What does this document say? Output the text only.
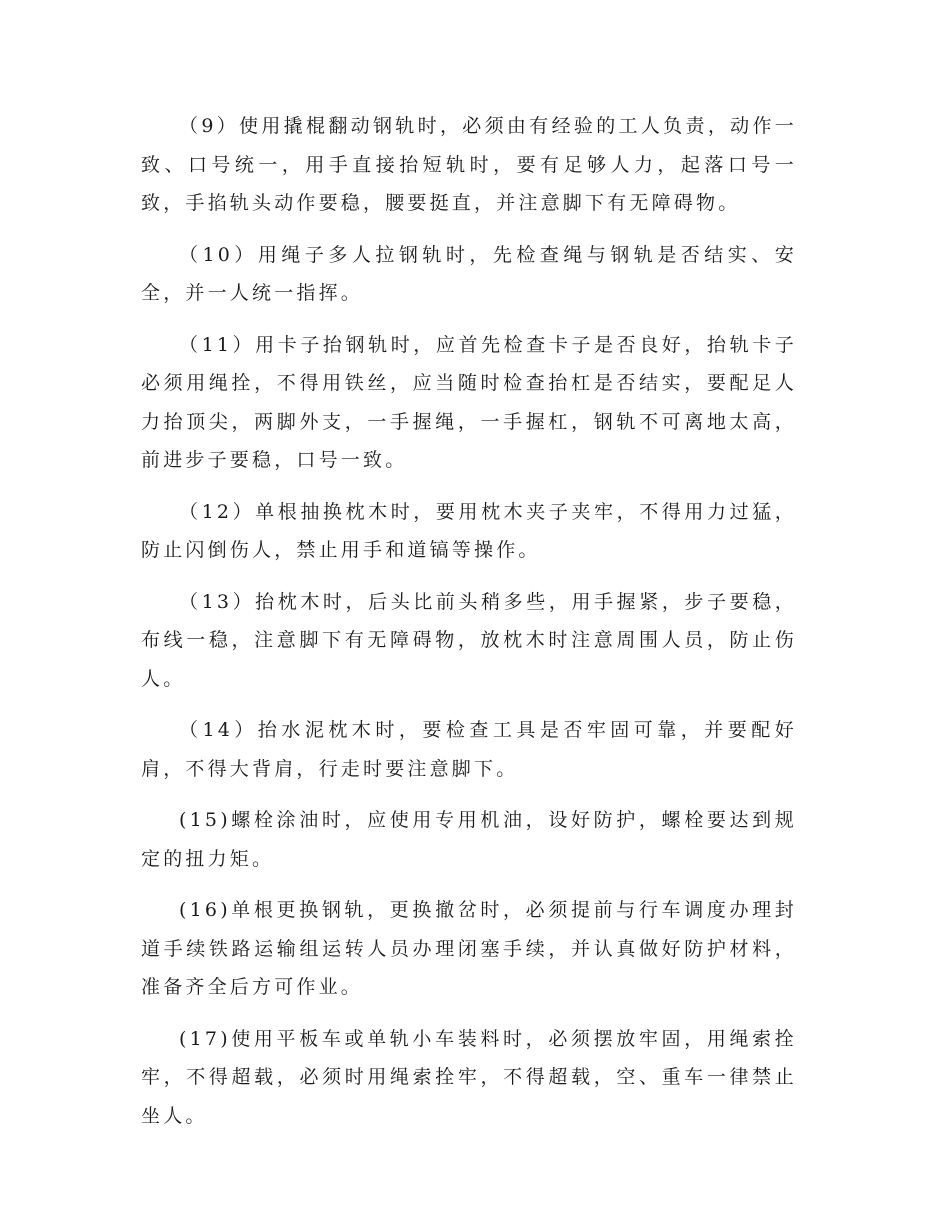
（9）使用撬棍翻动钢轨时，必须由有经验的工人负责，动作一致、口号统一，用手直接抬短轨时，要有足够人力，起落口号一致，手掐轨头动作要稳，腰要挺直，并注意脚下有无障碍物。

（10）用绳子多人拉钢轨时，先检查绳与钢轨是否结实、安全，并一人统一指挥。

（11）用卡子抬钢轨时，应首先检查卡子是否良好，抬轨卡子必须用绳拴，不得用铁丝，应当随时检查抬杠是否结实，要配足人力抬顶尖，两脚外支，一手握绳，一手握杠，钢轨不可离地太高，前进步子要稳，口号一致。

（12）单根抽换枕木时，要用枕木夹子夹牢，不得用力过猛，防止闪倒伤人，禁止用手和道镐等操作。

（13）抬枕木时，后头比前头稍多些，用手握紧，步子要稳，布线一稳，注意脚下有无障碍物，放枕木时注意周围人员，防止伤人。

（14）抬水泥枕木时，要检查工具是否牢固可靠，并要配好肩，不得大背肩，行走时要注意脚下。

(15)螺栓涂油时，应使用专用机油，设好防护，螺栓要达到规定的扭力矩。

(16)单根更换钢轨，更换撤岔时，必须提前与行车调度办理封道手续铁路运输组运转人员办理闭塞手续，并认真做好防护材料，准备齐全后方可作业。

(17)使用平板车或单轨小车装料时，必须摆放牢固，用绳索拴牢，不得超载，必须时用绳索拴牢，不得超载，空、重车一律禁止坐人。
